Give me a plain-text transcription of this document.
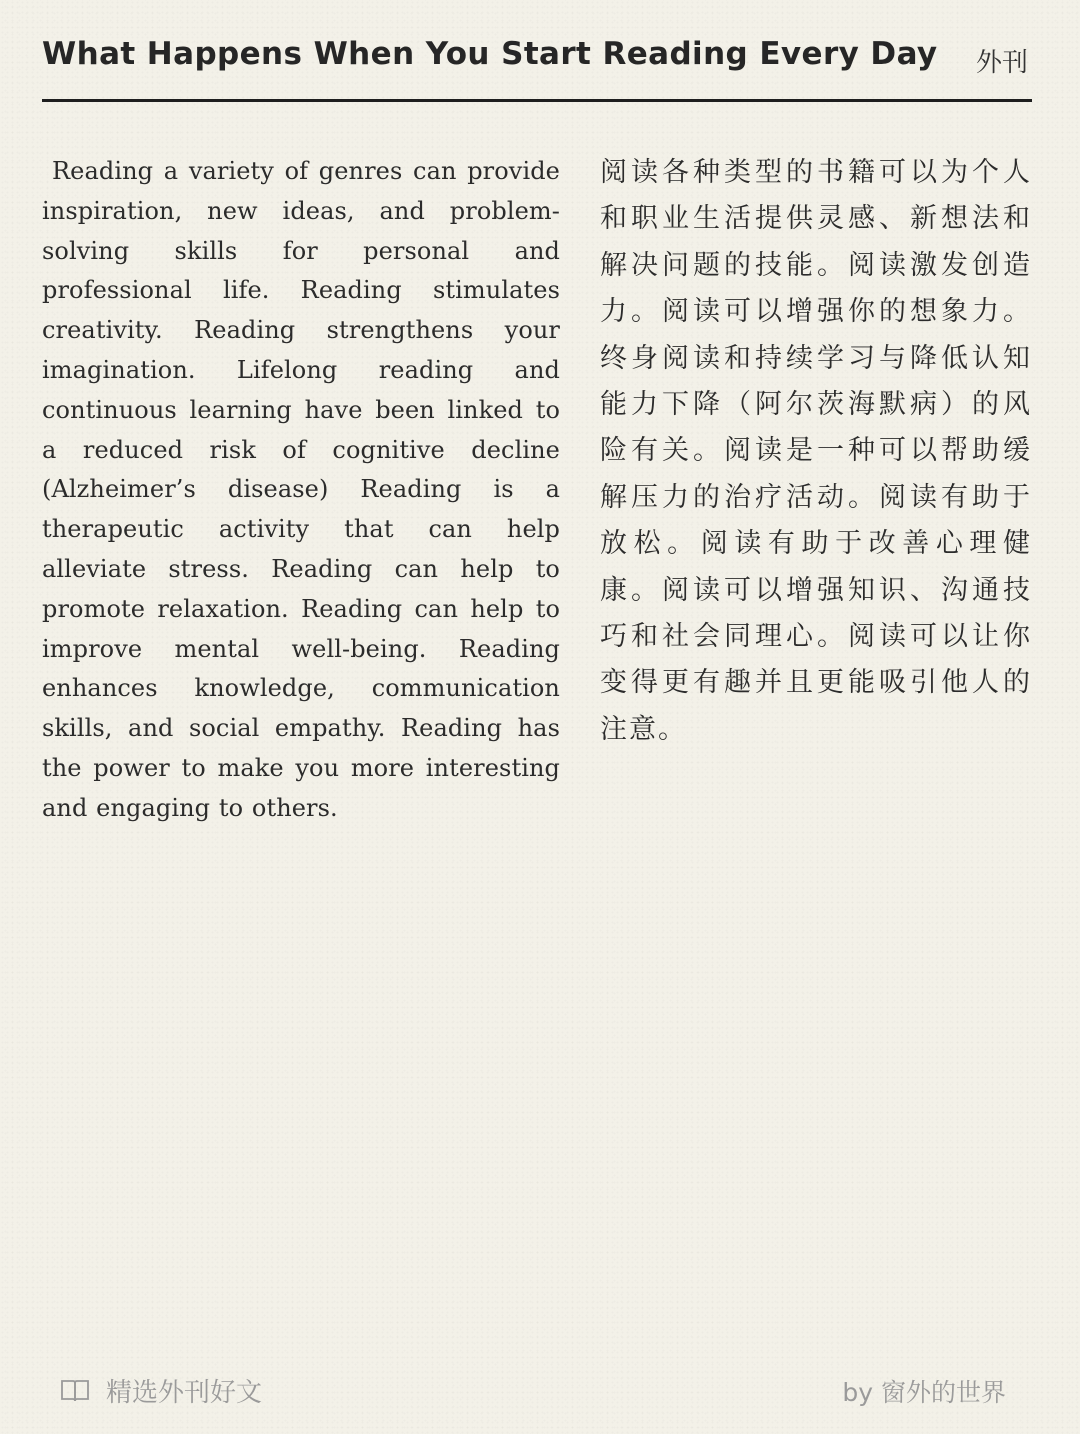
What Happens When You Start Reading Every Day 外刊
Reading a variety of genres can provide inspiration, new ideas, and problem-solving skills for personal and professional life. Reading stimulates creativity. Reading strengthens your imagination. Lifelong reading and continuous learning have been linked to a reduced risk of cognitive decline (Alzheimer’s disease) Reading is a therapeutic activity that can help alleviate stress. Reading can help to promote relaxation. Reading can help to improve mental well-being. Reading enhances knowledge, communication skills, and social empathy. Reading has the power to make you more interesting and engaging to others.
阅读各种类型的书籍可以为个人和职业生活提供灵感、新想法和解决问题的技能。阅读激发创造力。阅读可以增强你的想象力。终身阅读和持续学习与降低认知能力下降（阿尔茨海默病）的风险有关。阅读是一种可以帮助缓解压力的治疗活动。阅读有助于放松。阅读有助于改善心理健康。阅读可以增强知识、沟通技巧和社会同理心。阅读可以让你变得更有趣并且更能吸引他人的注意。
精选外刊好文	by 窗外的世界
